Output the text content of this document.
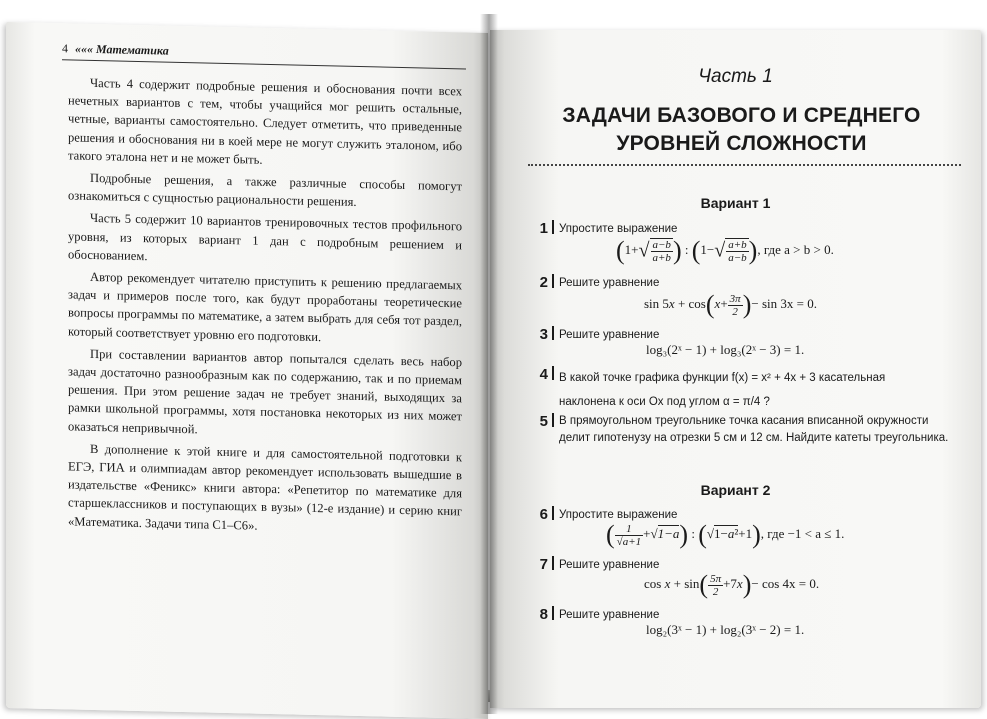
4 ««« Математика

Часть 4 содержит подробные решения и обоснования почти всех нечетных вариантов с тем, чтобы учащийся мог решить остальные, четные, варианты самостоятельно. Следует отметить, что приведенные решения и обоснования ни в коей мере не могут служить эталоном, ибо такого эталона нет и не может быть.

Подробные решения, а также различные способы помогут ознакомиться с сущностью рациональности решения.

Часть 5 содержит 10 вариантов тренировочных тестов профильного уровня, из которых вариант 1 дан с подробным решением и обоснованием.

Автор рекомендует читателю приступить к решению предлагаемых задач и примеров после того, как будут проработаны теоретические вопросы программы по математике, а затем выбрать для себя тот раздел, который соответствует уровню его подготовки.

При составлении вариантов автор попытался сделать весь набор задач достаточно разнообразным как по содержанию, так и по приемам решения. При этом решение задач не требует знаний, выходящих за рамки школьной программы, хотя постановка некоторых из них может оказаться непривычной.

В дополнение к этой книге и для самостоятельной подготовки к ЕГЭ, ГИА и олимпиадам автор рекомендует использовать вышедшие в издательстве «Феникс» книги автора: «Репетитор по математике для старшеклассников и поступающих в вузы» (12-е издание) и серию книг «Математика. Задачи типа С1–С6».

Часть 1
ЗАДАЧИ БАЗОВОГО И СРЕДНЕГО
УРОВНЕЙ СЛОЖНОСТИ
Вариант 1
1 Упростите выражение
($1+√ \frac{a-b}{a+b}$ ) : ($1-√ \frac{a+b}{a-b}$ ), где a > b > 0.
2 Решите уравнение
$\sin 5x + \cos(x+ \frac{3\pi}{2}$ )− sin 3x = 0.
3 Решите уравнение
log₃(2ˣ − 1) + log₃(2ˣ − 3) = 1.
4 В какой точке графика функции f(x) = x² + 4x + 3 касательная наклонена к оси Ox под углом α = π/4 ?
5 В прямоугольном треугольнике точка касания вписанной окружности делит гипотенузу на отрезки 5 см и 12 см. Найдите катеты треугольника.
Вариант 2
6 Упростите выражение
( $\frac{1}{√a+1} +√1-a$) : (√1−a²+1), где −1 < a ≤ 1.
7 Решите уравнение
$\cos x + \sin( \frac{5\pi}{2} +7x)- \cos 4x = 0$.
8 Решите уравнение
log₂(3ˣ − 1) + log₂(3ˣ − 2) = 1.
